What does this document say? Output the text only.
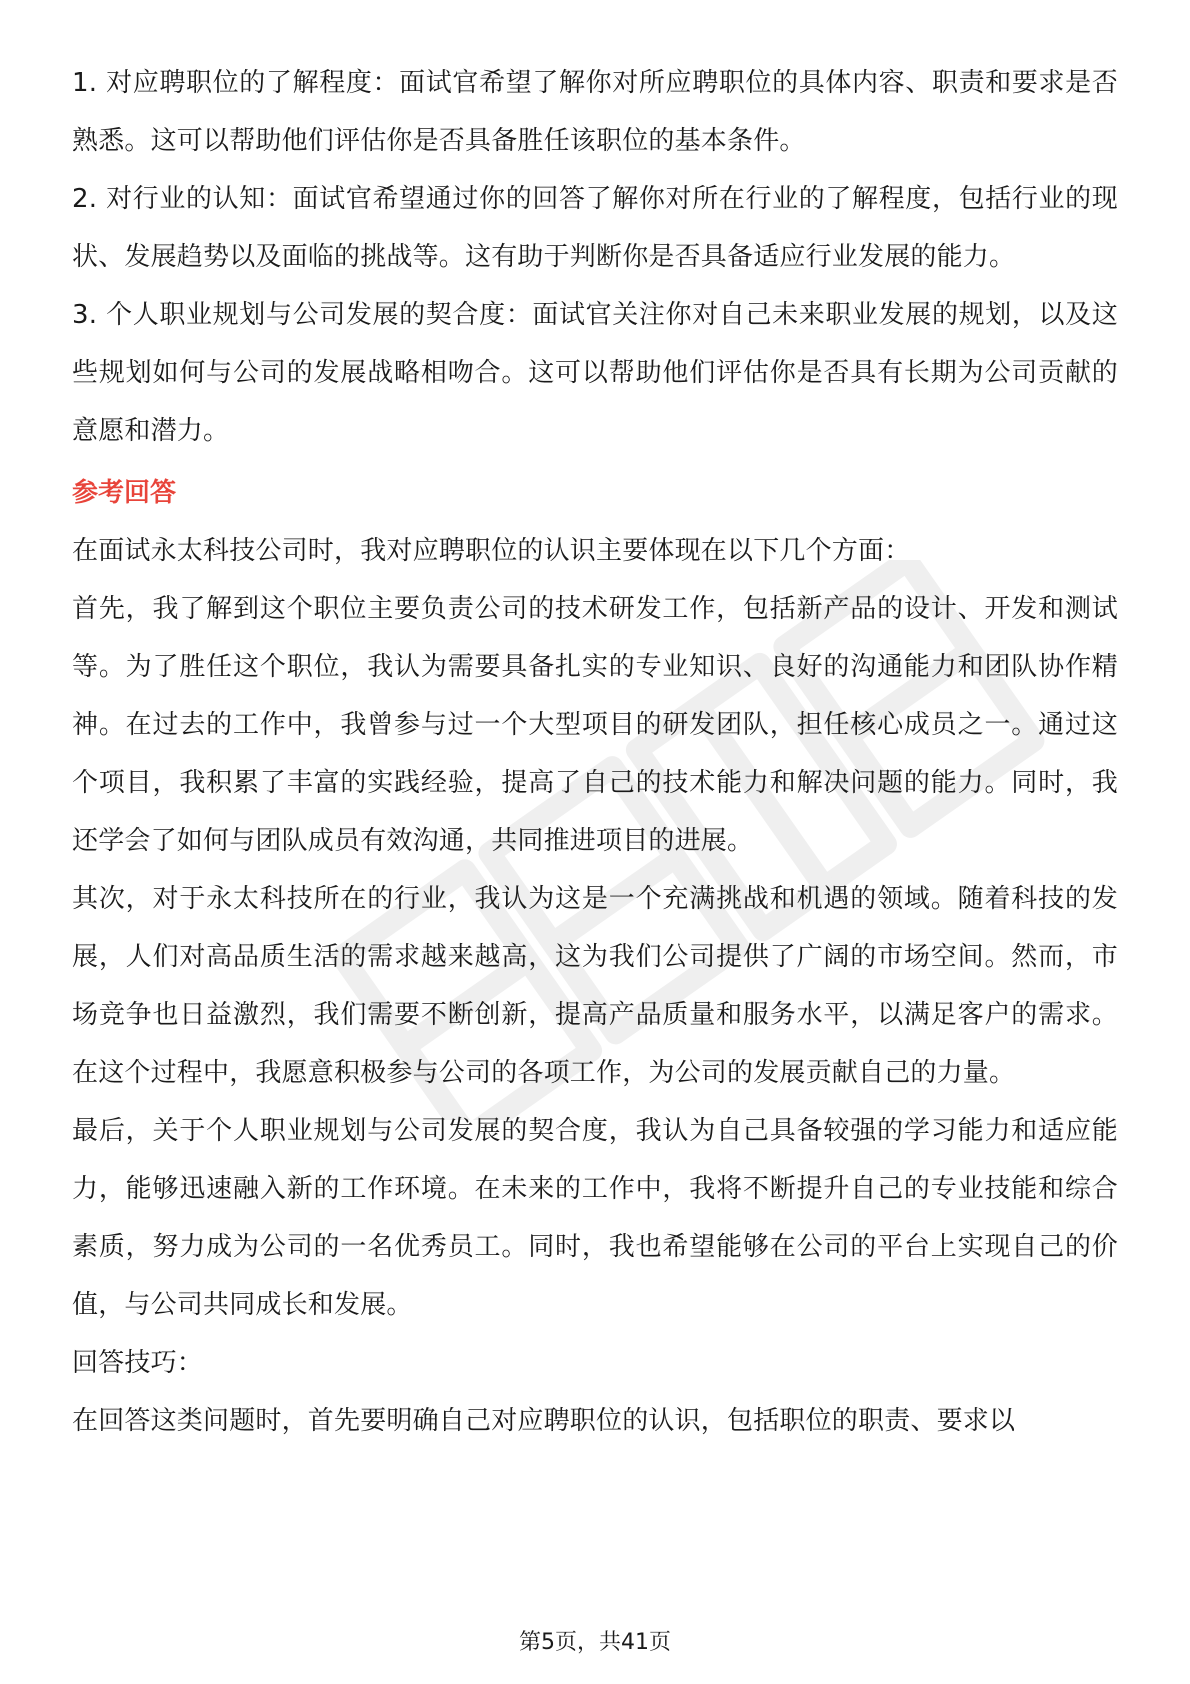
1. 对应聘职位的了解程度：面试官希望了解你对所应聘职位的具体内容、职责和要求是否熟悉。这可以帮助他们评估你是否具备胜任该职位的基本条件。

2. 对行业的认知：面试官希望通过你的回答了解你对所在行业的了解程度，包括行业的现状、发展趋势以及面临的挑战等。这有助于判断你是否具备适应行业发展的能力。

3. 个人职业规划与公司发展的契合度：面试官关注你对自己未来职业发展的规划，以及这些规划如何与公司的发展战略相吻合。这可以帮助他们评估你是否具有长期为公司贡献的意愿和潜力。

参考回答

在面试永太科技公司时，我对应聘职位的认识主要体现在以下几个方面：

首先，我了解到这个职位主要负责公司的技术研发工作，包括新产品的设计、开发和测试等。为了胜任这个职位，我认为需要具备扎实的专业知识、良好的沟通能力和团队协作精神。在过去的工作中，我曾参与过一个大型项目的研发团队，担任核心成员之一。通过这个项目，我积累了丰富的实践经验，提高了自己的技术能力和解决问题的能力。同时，我还学会了如何与团队成员有效沟通，共同推进项目的进展。

其次，对于永太科技所在的行业，我认为这是一个充满挑战和机遇的领域。随着科技的发展，人们对高品质生活的需求越来越高，这为我们公司提供了广阔的市场空间。然而，市场竞争也日益激烈，我们需要不断创新，提高产品质量和服务水平，以满足客户的需求。在这个过程中，我愿意积极参与公司的各项工作，为公司的发展贡献自己的力量。

最后，关于个人职业规划与公司发展的契合度，我认为自己具备较强的学习能力和适应能力，能够迅速融入新的工作环境。在未来的工作中，我将不断提升自己的专业技能和综合素质，努力成为公司的一名优秀员工。同时，我也希望能够在公司的平台上实现自己的价值，与公司共同成长和发展。

回答技巧：

在回答这类问题时，首先要明确自己对应聘职位的认识，包括职位的职责、要求以

第5页，共41页
